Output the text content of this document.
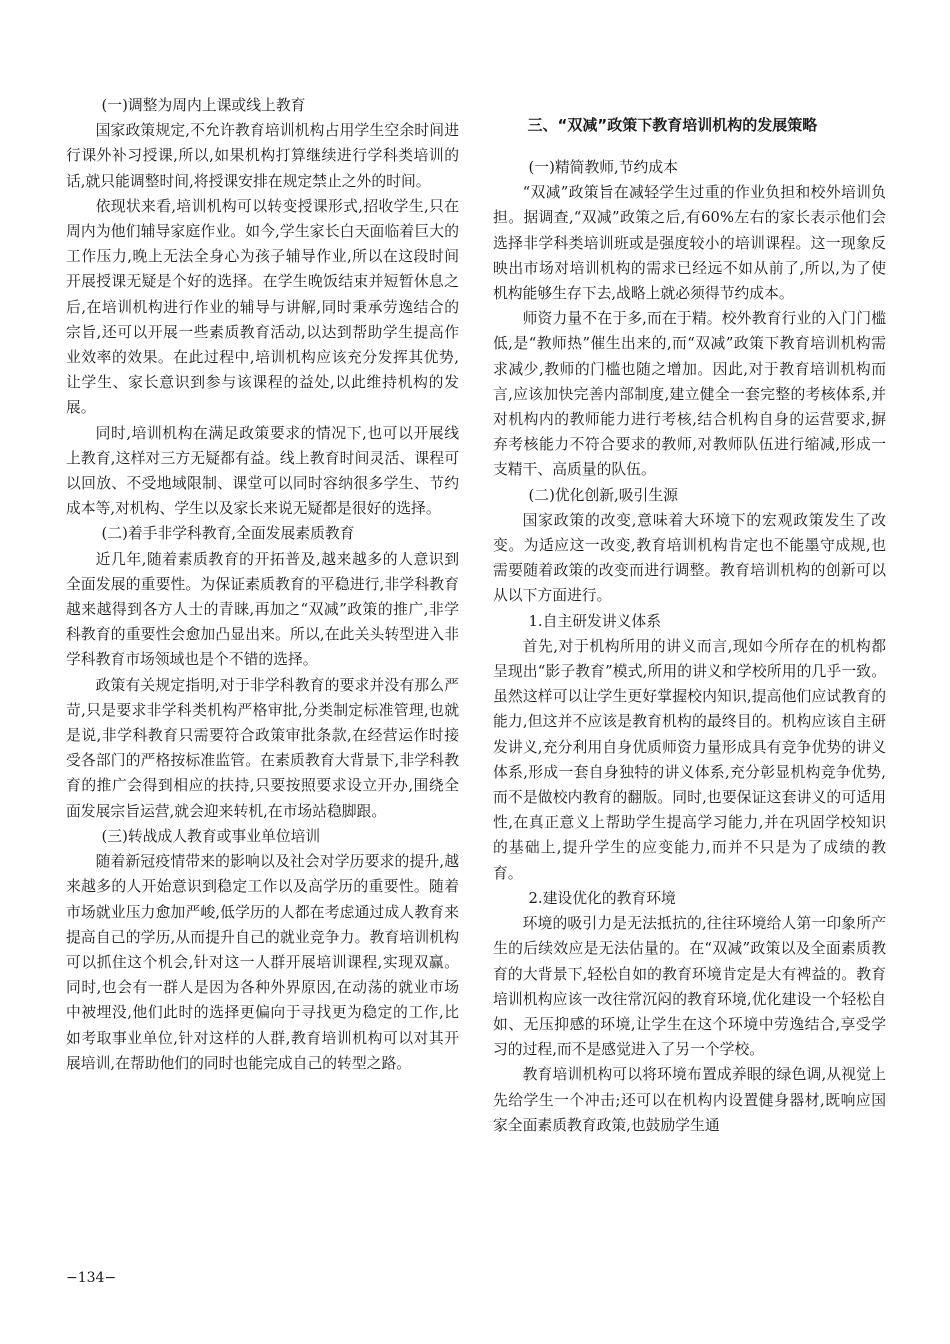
(一)调整为周内上课或线上教育

国家政策规定,不允许教育培训机构占用学生空余时间进行课外补习授课,所以,如果机构打算继续进行学科类培训的话,就只能调整时间,将授课安排在规定禁止之外的时间。

依现状来看,培训机构可以转变授课形式,招收学生,只在周内为他们辅导家庭作业。如今,学生家长白天面临着巨大的工作压力,晚上无法全身心为孩子辅导作业,所以在这段时间开展授课无疑是个好的选择。在学生晚饭结束并短暂休息之后,在培训机构进行作业的辅导与讲解,同时秉承劳逸结合的宗旨,还可以开展一些素质教育活动,以达到帮助学生提高作业效率的效果。在此过程中,培训机构应该充分发挥其优势,让学生、家长意识到参与该课程的益处,以此维持机构的发展。

同时,培训机构在满足政策要求的情况下,也可以开展线上教育,这样对三方无疑都有益。线上教育时间灵活、课程可以回放、不受地域限制、课堂可以同时容纳很多学生、节约成本等,对机构、学生以及家长来说无疑都是很好的选择。

(二)着手非学科教育,全面发展素质教育

近几年,随着素质教育的开拓普及,越来越多的人意识到全面发展的重要性。为保证素质教育的平稳进行,非学科教育越来越得到各方人士的青睐,再加之“双减”政策的推广,非学科教育的重要性会愈加凸显出来。所以,在此关头转型进入非学科教育市场领域也是个不错的选择。

政策有关规定指明,对于非学科教育的要求并没有那么严苛,只是要求非学科类机构严格审批,分类制定标准管理,也就是说,非学科教育只需要符合政策审批条款,在经营运作时接受各部门的严格按标准监管。在素质教育大背景下,非学科教育的推广会得到相应的扶持,只要按照要求设立开办,围绕全面发展宗旨运营,就会迎来转机,在市场站稳脚跟。

(三)转战成人教育或事业单位培训

随着新冠疫情带来的影响以及社会对学历要求的提升,越来越多的人开始意识到稳定工作以及高学历的重要性。随着市场就业压力愈加严峻,低学历的人都在考虑通过成人教育来提高自己的学历,从而提升自己的就业竞争力。教育培训机构可以抓住这个机会,针对这一人群开展培训课程,实现双赢。同时,也会有一群人是因为各种外界原因,在动荡的就业市场中被埋没,他们此时的选择更偏向于寻找更为稳定的工作,比如考取事业单位,针对这样的人群,教育培训机构可以对其开展培训,在帮助他们的同时也能完成自己的转型之路。

三、“双减”政策下教育培训机构的发展策略

(一)精简教师,节约成本

“双减”政策旨在减轻学生过重的作业负担和校外培训负担。据调查,“双减”政策之后,有60%左右的家长表示他们会选择非学科类培训班或是强度较小的培训课程。这一现象反映出市场对培训机构的需求已经远不如从前了,所以,为了使机构能够生存下去,战略上就必须得节约成本。

师资力量不在于多,而在于精。校外教育行业的入门门槛低,是“教师热”催生出来的,而“双减”政策下教育培训机构需求减少,教师的门槛也随之增加。因此,对于教育培训机构而言,应该加快完善内部制度,建立健全一套完整的考核体系,并对机构内的教师能力进行考核,结合机构自身的运营要求,摒弃考核能力不符合要求的教师,对教师队伍进行缩减,形成一支精干、高质量的队伍。

(二)优化创新,吸引生源

国家政策的改变,意味着大环境下的宏观政策发生了改变。为适应这一改变,教育培训机构肯定也不能墨守成规,也需要随着政策的改变而进行调整。教育培训机构的创新可以从以下方面进行。

1.自主研发讲义体系

首先,对于机构所用的讲义而言,现如今所存在的机构都呈现出“影子教育”模式,所用的讲义和学校所用的几乎一致。虽然这样可以让学生更好掌握校内知识,提高他们应试教育的能力,但这并不应该是教育机构的最终目的。机构应该自主研发讲义,充分利用自身优质师资力量形成具有竞争优势的讲义体系,形成一套自身独特的讲义体系,充分彰显机构竞争优势,而不是做校内教育的翻版。同时,也要保证这套讲义的可适用性,在真正意义上帮助学生提高学习能力,并在巩固学校知识的基础上,提升学生的应变能力,而并不只是为了成绩的教育。

2.建设优化的教育环境

环境的吸引力是无法抵抗的,往往环境给人第一印象所产生的后续效应是无法估量的。在“双减”政策以及全面素质教育的大背景下,轻松自如的教育环境肯定是大有裨益的。教育培训机构应该一改往常沉闷的教育环境,优化建设一个轻松自如、无压抑感的环境,让学生在这个环境中劳逸结合,享受学习的过程,而不是感觉进入了另一个学校。

教育培训机构可以将环境布置成养眼的绿色调,从视觉上先给学生一个冲击;还可以在机构内设置健身器材,既响应国家全面素质教育政策,也鼓励学生通

−134−
